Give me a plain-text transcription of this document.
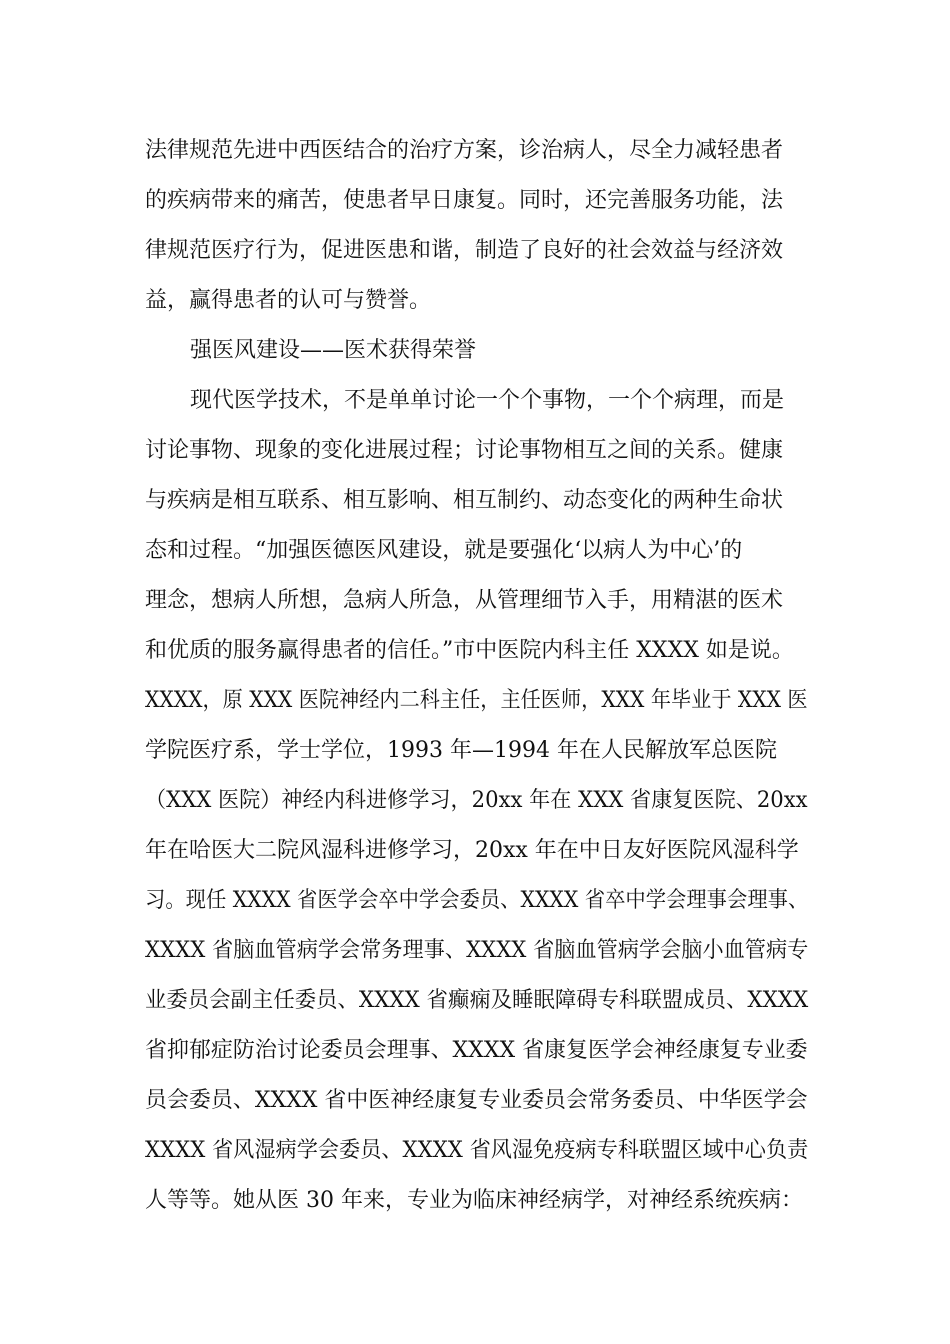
法律规范先进中西医结合的治疗方案，诊治病人，尽全力减轻患者
的疾病带来的痛苦，使患者早日康复。同时，还完善服务功能，法
律规范医疗行为，促进医患和谐，制造了良好的社会效益与经济效
益，赢得患者的认可与赞誉。
强医风建设——医术获得荣誉
现代医学技术，不是单单讨论一个个事物，一个个病理，而是
讨论事物、现象的变化进展过程；讨论事物相互之间的关系。健康
与疾病是相互联系、相互影响、相互制约、动态变化的两种生命状
态和过程。“加强医德医风建设，就是要强化‘以病人为中心’的
理念，想病人所想，急病人所急，从管理细节入手，用精湛的医术
和优质的服务赢得患者的信任。”市中医院内科主任 XXXX 如是说。
XXXX，原 XXX 医院神经内二科主任，主任医师，XXX 年毕业于 XXX 医
学院医疗系，学士学位，1993 年—1994 年在人民解放军总医院
（XXX 医院）神经内科进修学习，20xx 年在 XXX 省康复医院、20xx
年在哈医大二院风湿科进修学习，20xx 年在中日友好医院风湿科学
习。现任 XXXX 省医学会卒中学会委员、XXXX 省卒中学会理事会理事、
XXXX 省脑血管病学会常务理事、XXXX 省脑血管病学会脑小血管病专
业委员会副主任委员、XXXX 省癫痫及睡眠障碍专科联盟成员、XXXX
省抑郁症防治讨论委员会理事、XXXX 省康复医学会神经康复专业委
员会委员、XXXX 省中医神经康复专业委员会常务委员、中华医学会
XXXX 省风湿病学会委员、XXXX 省风湿免疫病专科联盟区域中心负责
人等等。她从医 30 年来，专业为临床神经病学，对神经系统疾病：
